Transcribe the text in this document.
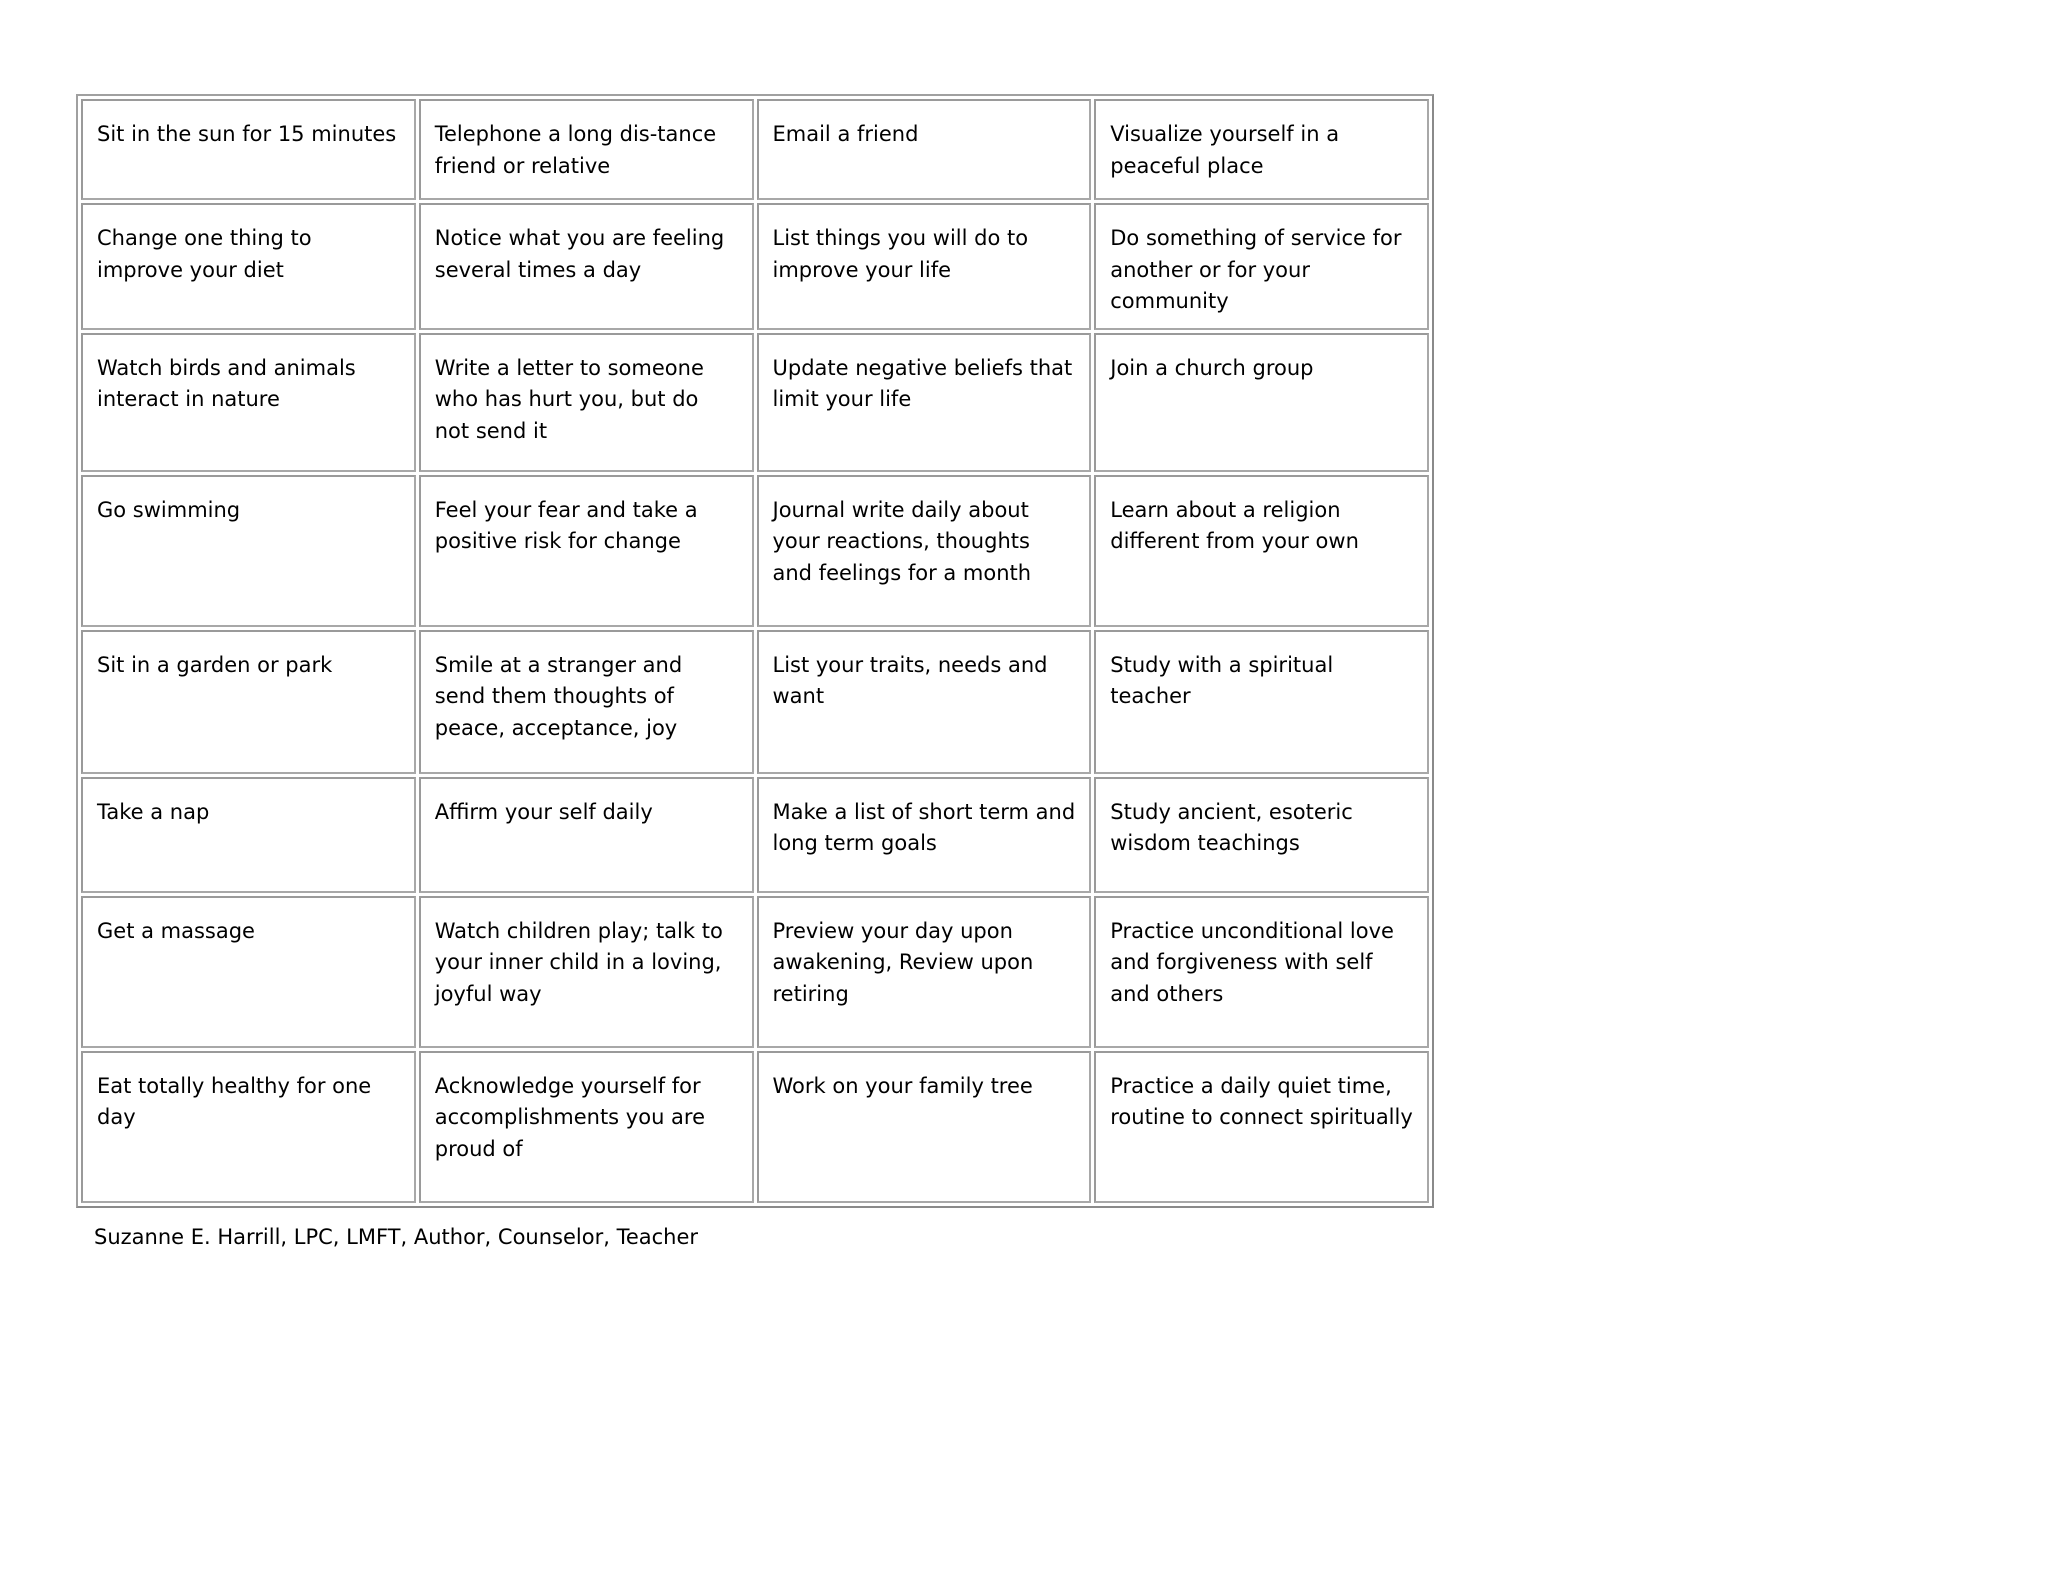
Sit in the sun for 15 minutes	Telephone a long dis-tance friend or relative	Email a friend	Visualize yourself in a peaceful place
Change one thing to improve your diet	Notice what you are feeling several times a day	List things you will do to improve your life	Do something of service for another or for your community
Watch birds and animals interact in nature	Write a letter to someone who has hurt you, but do not send it	Update negative beliefs that limit your life	Join a church group
Go swimming	Feel your fear and take a positive risk for change	Journal write daily about your reactions, thoughts and feelings for a month	Learn about a religion different from your own
Sit in a garden or park	Smile at a stranger and send them thoughts of peace, acceptance, joy	List your traits, needs and want	Study with a spiritual teacher
Take a nap	Affirm your self daily	Make a list of short term and long term goals	Study ancient, esoteric wisdom teachings
Get a massage	Watch children play; talk to your inner child in a loving, joyful way	Preview your day upon awakening, Review upon retiring	Practice unconditional love and forgiveness with self and others
Eat totally healthy for one day	Acknowledge yourself for accomplishments you are proud of	Work on your family tree	Practice a daily quiet time, routine to connect spiritually
Suzanne E. Harrill, LPC, LMFT, Author, Counselor, Teacher
